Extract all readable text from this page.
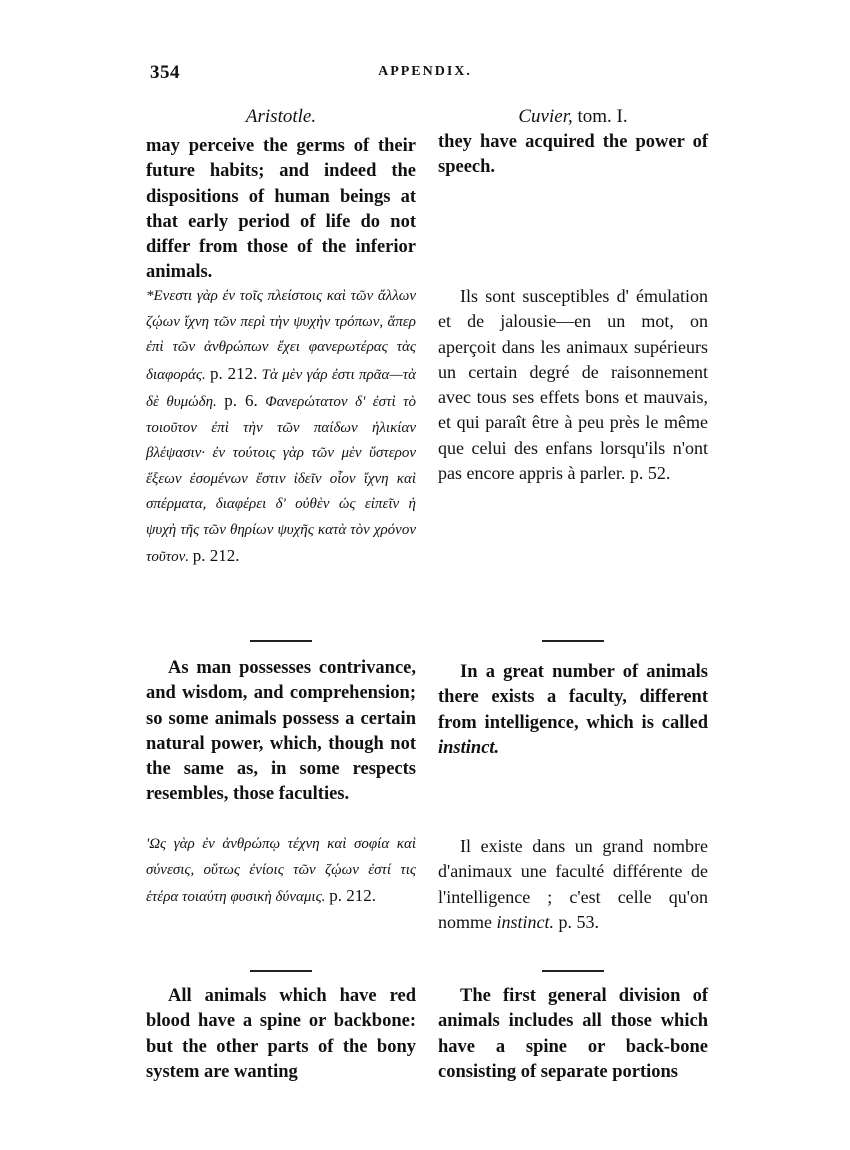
354	APPENDIX.
Aristotle.

may perceive the germs of their future habits; and indeed the dispositions of human beings at that early period of life do not differ from those of the inferior animals.

*Ενεστι γὰρ ἐν τοῖς πλείστοις καὶ τῶν ἄλλων ζῴων ἴχνη τῶν περὶ τὴν ψυχὴν τρόπων, ἅπερ ἐπὶ τῶν ἀνθρώπων ἔχει φανερωτέρας τὰς διαφοράς. p. 212. Τὰ μὲν γάρ ἐστι πρᾶα—τὰ δὲ θυμώδη. p. 6. Φανερώτατον δ' ἐστὶ τὸ τοιοῦτον ἐπὶ τὴν τῶν παίδων ἡλικίαν βλέψασιν· ἐν τούτοις γὰρ τῶν μὲν ὕστερον ἕξεων ἐσομένων ἔστιν ἰδεῖν οἷον ἴχνη καὶ σπέρματα, διαφέρει δ' οὐθὲν ὡς εἰπεῖν ἡ ψυχὴ τῆς τῶν θηρίων ψυχῆς κατὰ τὸν χρόνον τοῦτον. p. 212.

As man possesses contrivance, and wisdom, and comprehension; so some animals possess a certain natural power, which, though not the same as, in some respects resembles, those faculties.

'Ως γὰρ ἐν ἀνθρώπῳ τέχνη καὶ σοφία καὶ σύνεσις, οὕτως ἐνίοις τῶν ζῴων ἐστί τις ἑτέρα τοιαύτη φυσικὴ δύναμις. p. 212.

All animals which have red blood have a spine or backbone: but the other parts of the bony system are wanting

Cuvier, tom. I.

they have acquired the power of speech.

Ils sont susceptibles d' émulation et de jalousie—en un mot, on aperçoit dans les animaux supérieurs un certain degré de raisonnement avec tous ses effets bons et mauvais, et qui paraît être à peu près le même que celui des enfans lorsqu'ils n'ont pas encore appris à parler. p. 52.

In a great number of animals there exists a faculty, different from intelligence, which is called instinct.

Il existe dans un grand nombre d'animaux une faculté différente de l'intelligence ; c'est celle qu'on nomme instinct. p. 53.

The first general division of animals includes all those which have a spine or back-bone consisting of separate portions
